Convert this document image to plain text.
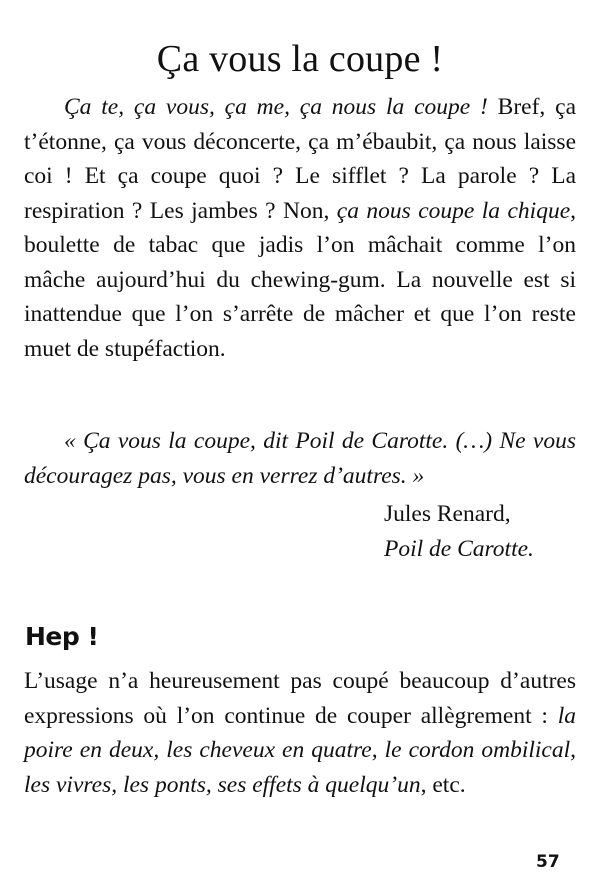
Ça vous la coupe !

Ça te, ça vous, ça me, ça nous la coupe ! Bref, ça t’étonne, ça vous déconcerte, ça m’ébaubit, ça nous laisse coi ! Et ça coupe quoi ? Le sifflet ? La parole ? La respiration ? Les jambes ? Non, ça nous coupe la chique, boulette de tabac que jadis l’on mâchait comme l’on mâche aujourd’hui du chewing-gum. La nouvelle est si inattendue que l’on s’arrête de mâcher et que l’on reste muet de stupéfaction.

« Ça vous la coupe, dit Poil de Carotte. (…) Ne vous découragez pas, vous en verrez d’autres. »

Jules Renard,
Poil de Carotte.
Hep !

L’usage n’a heureusement pas coupé beaucoup d’autres expressions où l’on continue de couper allègrement : la poire en deux, les cheveux en quatre, le cordon ombilical, les vivres, les ponts, ses effets à quelqu’un, etc.

57
